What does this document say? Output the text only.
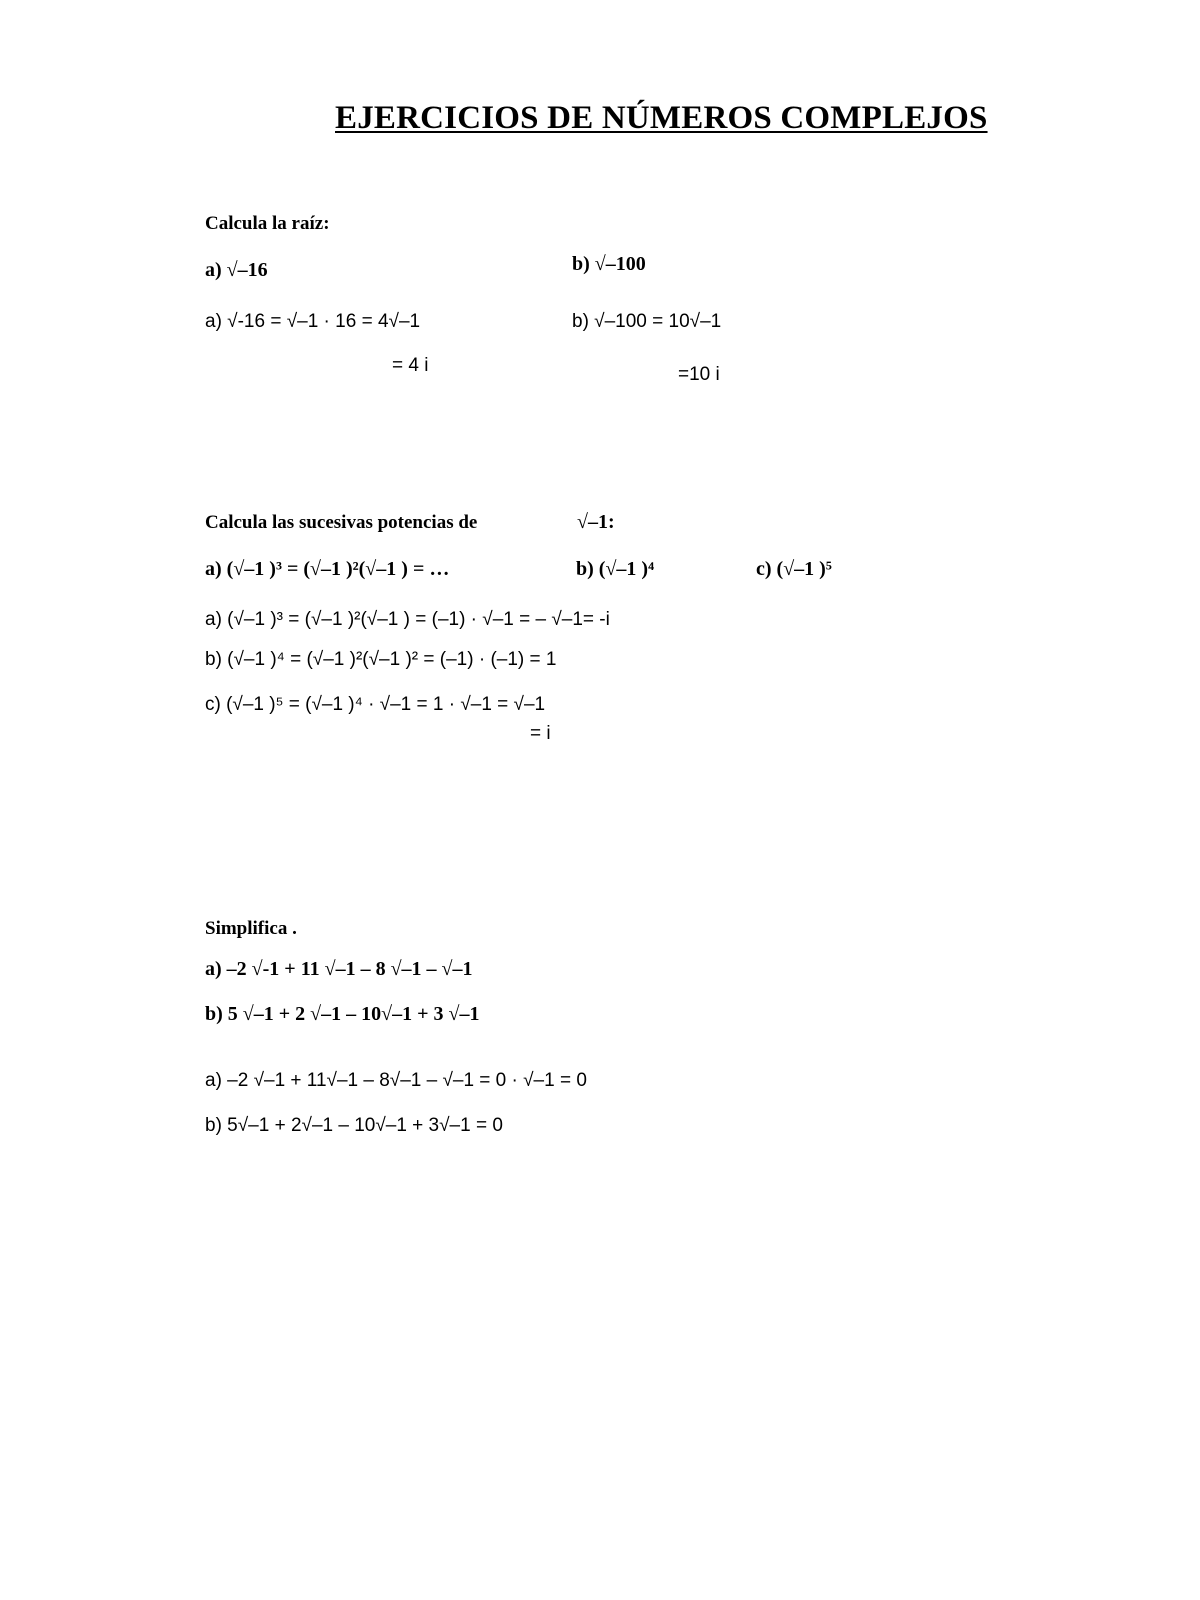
EJERCICIOS DE NÚMEROS COMPLEJOS
Calcula la raíz:
a) √–16	b) √–100
a) √-16 = √–1 · 16 = 4√–1
= 4 i
b) √–100 = 10√–1
=10 i
Calcula las sucesivas potencias de	√–1:
a) (√–1 )³ = (√–1 )²(√–1 ) = …	b) (√–1 )⁴	c) (√–1 )⁵
a) (√–1 )³ = (√–1 )²(√–1 ) = (–1) · √–1 = – √–1= -i
b) (√–1 )⁴ = (√–1 )²(√–1 )² = (–1) · (–1) = 1
c) (√–1 )⁵ = (√–1 )⁴ · √–1 = 1 · √–1 = √–1
= i
Simplifica .
a) –2 √-1 + 11 √–1 – 8 √–1 – √–1
b) 5 √–1 + 2 √–1 – 10√–1 + 3 √–1
a) –2 √–1 + 11√–1 – 8√–1 – √–1 = 0 · √–1 = 0
b) 5√–1 + 2√–1 – 10√–1 + 3√–1 = 0
